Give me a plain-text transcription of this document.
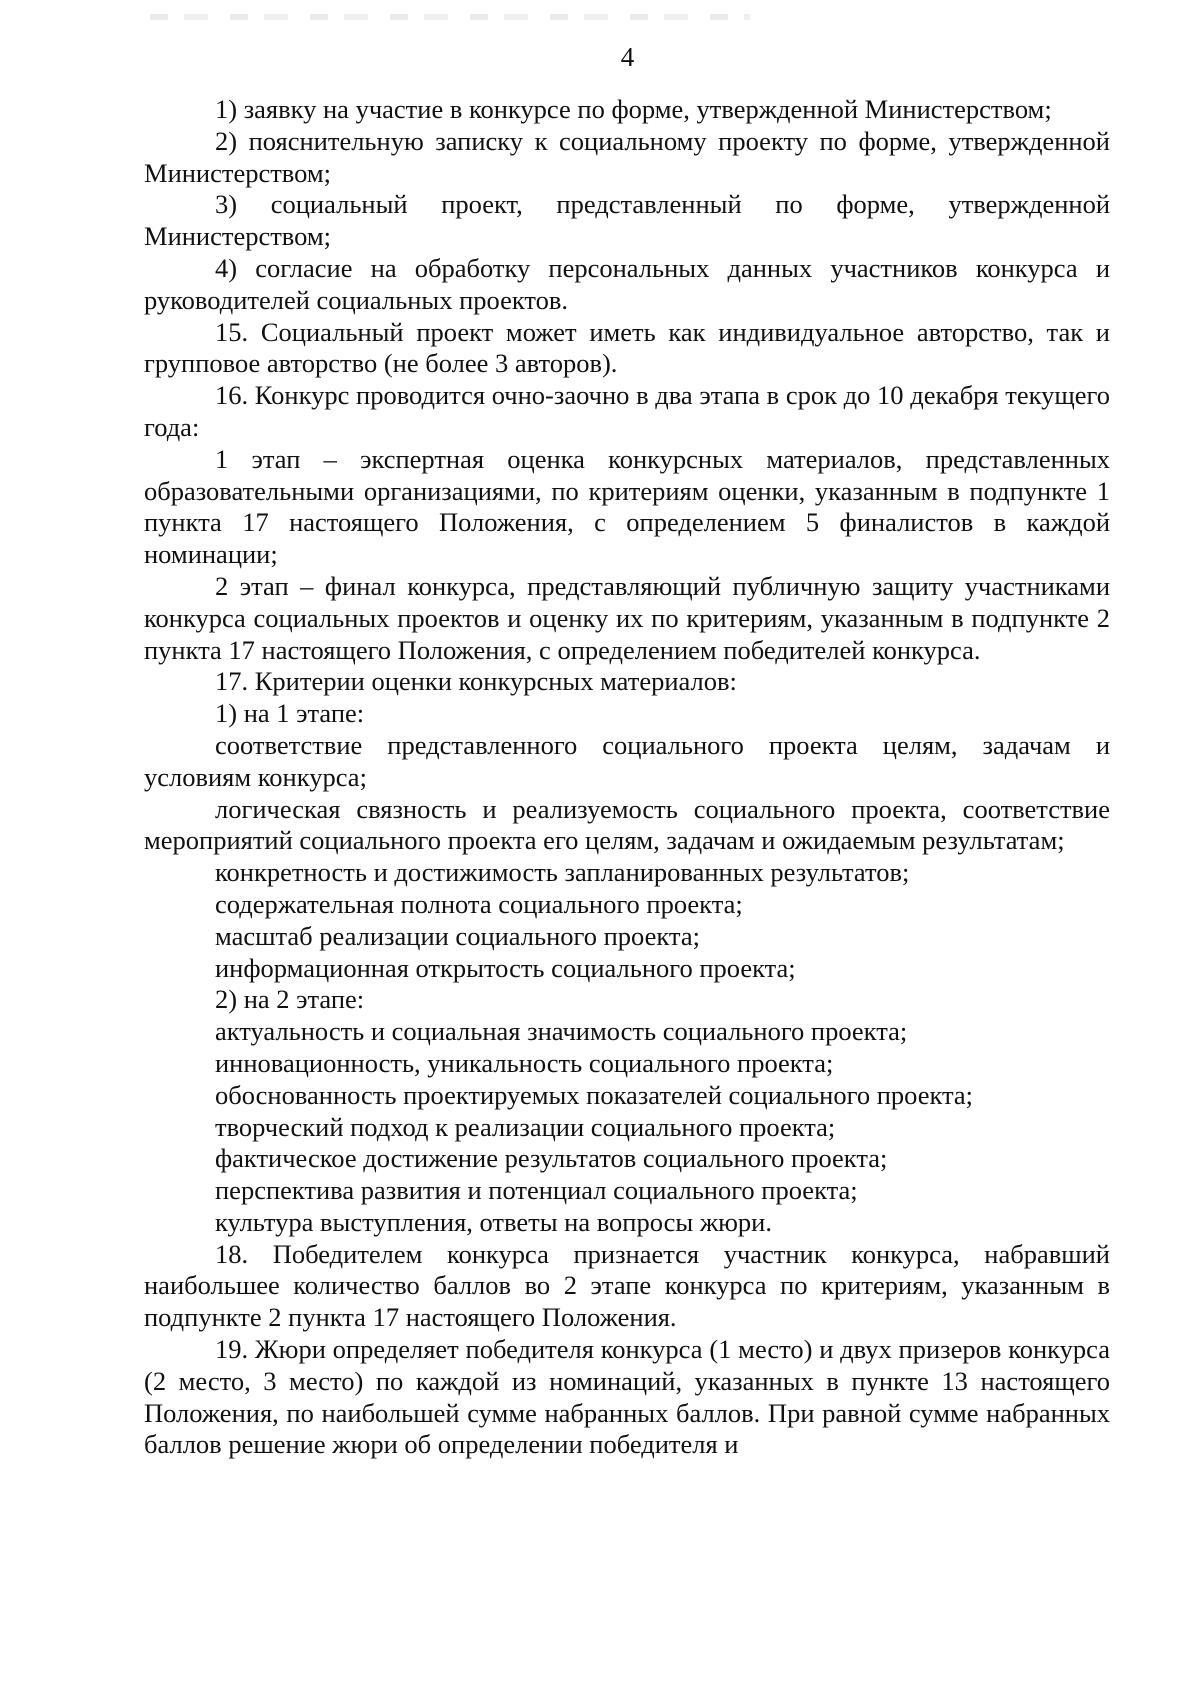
4

1) заявку на участие в конкурсе по форме, утвержденной Министерством;

2) пояснительную записку к социальному проекту по форме, утвержденной Министерством;

3) социальный проект, представленный по форме, утвержденной Министерством;

4) согласие на обработку персональных данных участников конкурса и руководителей социальных проектов.

15. Социальный проект может иметь как индивидуальное авторство, так и групповое авторство (не более 3 авторов).

16. Конкурс проводится очно-заочно в два этапа в срок до 10 декабря текущего года:

1 этап – экспертная оценка конкурсных материалов, представленных образовательными организациями, по критериям оценки, указанным в подпункте 1 пункта 17 настоящего Положения, с определением 5 финалистов в каждой номинации;

2 этап – финал конкурса, представляющий публичную защиту участниками конкурса социальных проектов и оценку их по критериям, указанным в подпункте 2 пункта 17 настоящего Положения, с определением победителей конкурса.

17. Критерии оценки конкурсных материалов:

1) на 1 этапе:

соответствие представленного социального проекта целям, задачам и условиям конкурса;

логическая связность и реализуемость социального проекта, соответствие мероприятий социального проекта его целям, задачам и ожидаемым результатам;

конкретность и достижимость запланированных результатов;

содержательная полнота социального проекта;

масштаб реализации социального проекта;

информационная открытость социального проекта;

2) на 2 этапе:

актуальность и социальная значимость социального проекта;

инновационность, уникальность социального проекта;

обоснованность проектируемых показателей социального проекта;

творческий подход к реализации социального проекта;

фактическое достижение результатов социального проекта;

перспектива развития и потенциал социального проекта;

культура выступления, ответы на вопросы жюри.

18. Победителем конкурса признается участник конкурса, набравший наибольшее количество баллов во 2 этапе конкурса по критериям, указанным в подпункте 2 пункта 17 настоящего Положения.

19. Жюри определяет победителя конкурса (1 место) и двух призеров конкурса (2 место, 3 место) по каждой из номинаций, указанных в пункте 13 настоящего Положения, по наибольшей сумме набранных баллов. При равной сумме набранных баллов решение жюри об определении победителя и
